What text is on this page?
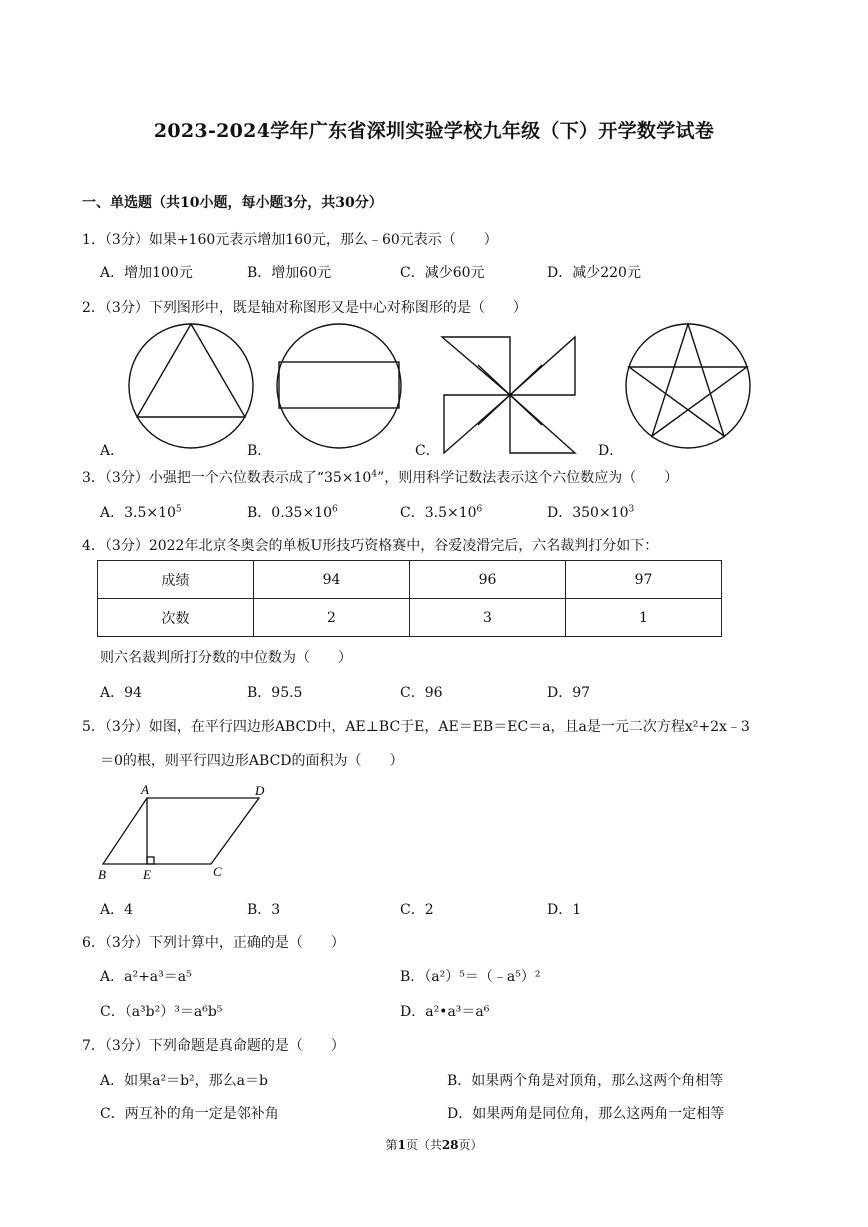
2023-2024学年广东省深圳实验学校九年级（下）开学数学试卷
一、单选题（共10小题，每小题3分，共30分）
1．（3分）如果+160元表示增加160元，那么﹣60元表示（　　）
A．增加100元	B．增加60元	C．减少60元	D．减少220元
2．（3分）下列图形中，既是轴对称图形又是中心对称图形的是（　　）
A．	B．	C．	D．
3．（3分）小强把一个六位数表示成了“$35\times 10^4$”，则用科学记数法表示这个六位数应为（　　）
A．$3.5\times 10^5$	B．$0.35\times 10^6$	C．$3.5\times 10^6$	D．$350\times 10^3$
4．（3分）2022年北京冬奥会的单板U形技巧资格赛中，谷爱凌滑完后，六名裁判打分如下：
成绩	94	96	97
次数	2	3	1
则六名裁判所打分数的中位数为（　　）
A．94	B．95.5	C．96	D．97
5．（3分）如图，在平行四边形ABCD中，AE⊥BC于E，AE＝EB＝EC＝a，且a是一元二次方程x²+2x﹣3
＝0的根，则平行四边形ABCD的面积为（　　）
A	D
B	E	C
A．4	B．3	C．2	D．1
6．（3分）下列计算中，正确的是（　　）
A．a²+a³＝a⁵	B．（a²）⁵＝（﹣a⁵）²
C．（a³b²）³＝a⁶b⁵	D．a²•a³＝a⁶
7．（3分）下列命题是真命题的是（　　）
A．如果a²＝b²，那么a＝b	B．如果两个角是对顶角，那么这两个角相等
C．两互补的角一定是邻补角	D．如果两角是同位角，那么这两角一定相等
第1页（共28页）
